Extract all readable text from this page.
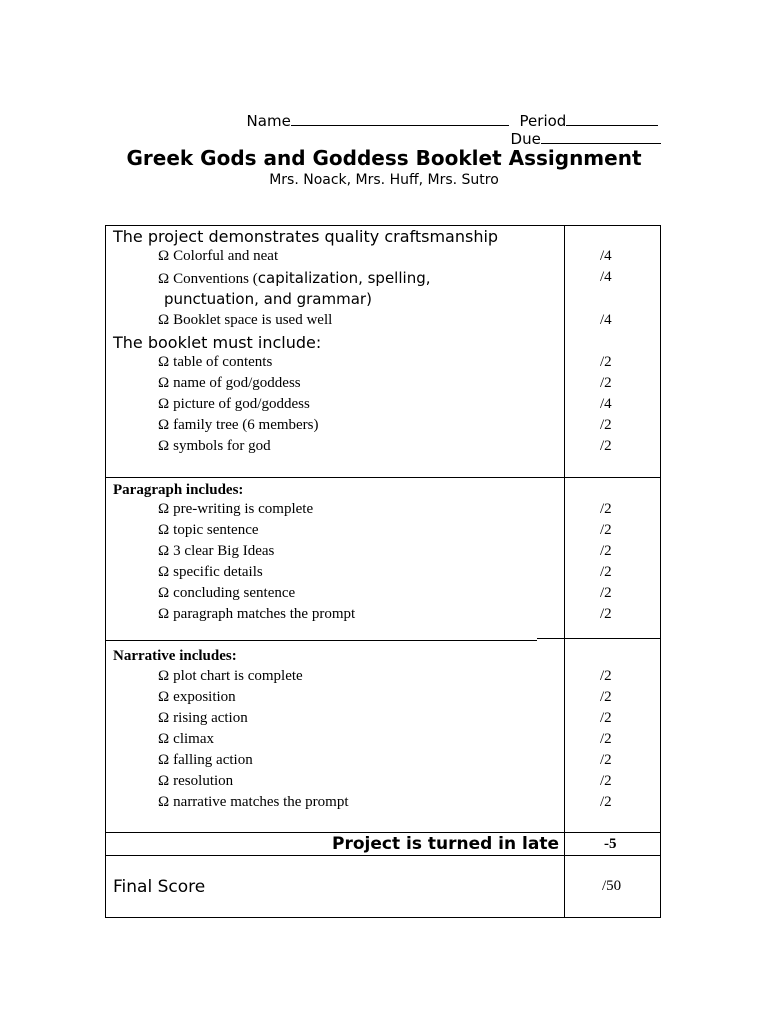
Name	Period

Due

Greek Gods and Goddess Booklet Assignment
Mrs. Noack, Mrs. Huff, Mrs. Sutro
The project demonstrates quality craftsmanship
Ω Colorful and neat	/4
Ω Conventions (capitalization, spelling,	/4
punctuation, and grammar)
Ω Booklet space is used well	/4
The booklet must include:
Ω table of contents	/2
Ω name of god/goddess	/2
Ω picture of god/goddess	/4
Ω family tree (6 members)	/2
Ω symbols for god	/2
Paragraph includes:
Ω pre-writing is complete	/2
Ω topic sentence	/2
Ω 3 clear Big Ideas	/2
Ω specific details	/2
Ω concluding sentence	/2
Ω paragraph matches the prompt	/2
Narrative includes:
Ω plot chart is complete	/2
Ω exposition	/2
Ω rising action	/2
Ω climax	/2
Ω falling action	/2
Ω resolution	/2
Ω narrative matches the prompt	/2
Project is turned in late	-5
Final Score	/50
